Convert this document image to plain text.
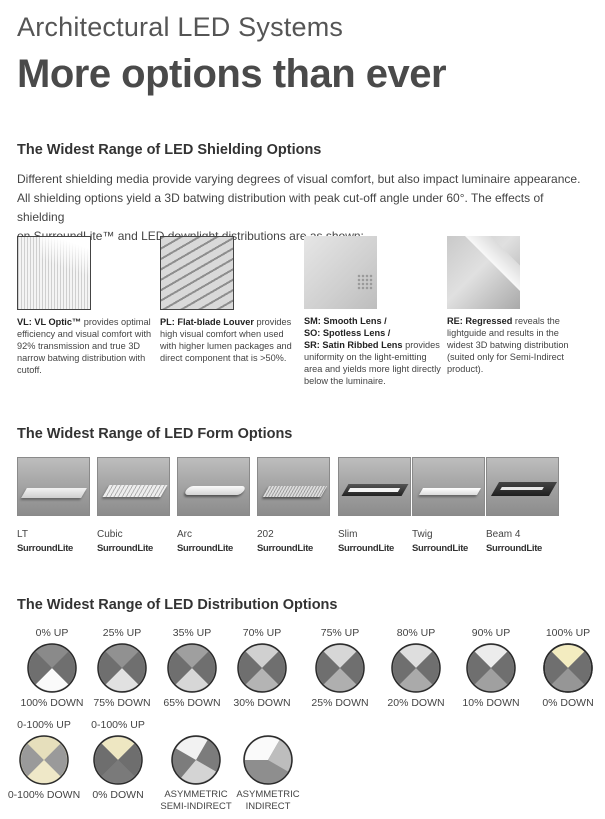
Architectural LED Systems
More options than ever
The Widest Range of LED Shielding Options

Different shielding media provide varying degrees of visual comfort, but also impact luminaire appearance.

All shielding options yield a 3D batwing distribution with peak cut-off angle under 60°. The effects of shielding

and LED distributions are

VL: VL Optic™ provides optimal efficiency and visual comfort with 92% transmission and true 3D narrow batwing distribution with cutoff.
PL: Flat-blade Louver provides high visual comfort when used with higher lumen packages and direct component that is >50%.
SM: Smooth Lens /
SO: Spotless Lens /
SR: Satin Ribbed Lens provides uniformity on the light-emitting area and yields more light directly below the luminaire.
RE: Regressed reveals the lightguide and results in the widest 3D batwing distribution (suited only for Semi-Indirect product).
The Widest Range of LED Form Options
LT
SurroundLite
Cubic
SurroundLite
Arc
SurroundLite
202
SurroundLite
Slim
SurroundLite
Twig
SurroundLite
Beam 4
SurroundLite
The Widest Range of LED Distribution Options
0% UP
100% DOWN
25% UP
75% DOWN
35% UP
65% DOWN
70% UP
30% DOWN
75% UP
25% DOWN
80% UP
20% DOWN
90% UP
10% DOWN
100% UP
0% DOWN
0-100% UP
0-100% DOWN
0-100% UP
0% DOWN
	ASYMMETRIC
SEMI-INDIRECT

ASYMMETRIC
INDIRECT
